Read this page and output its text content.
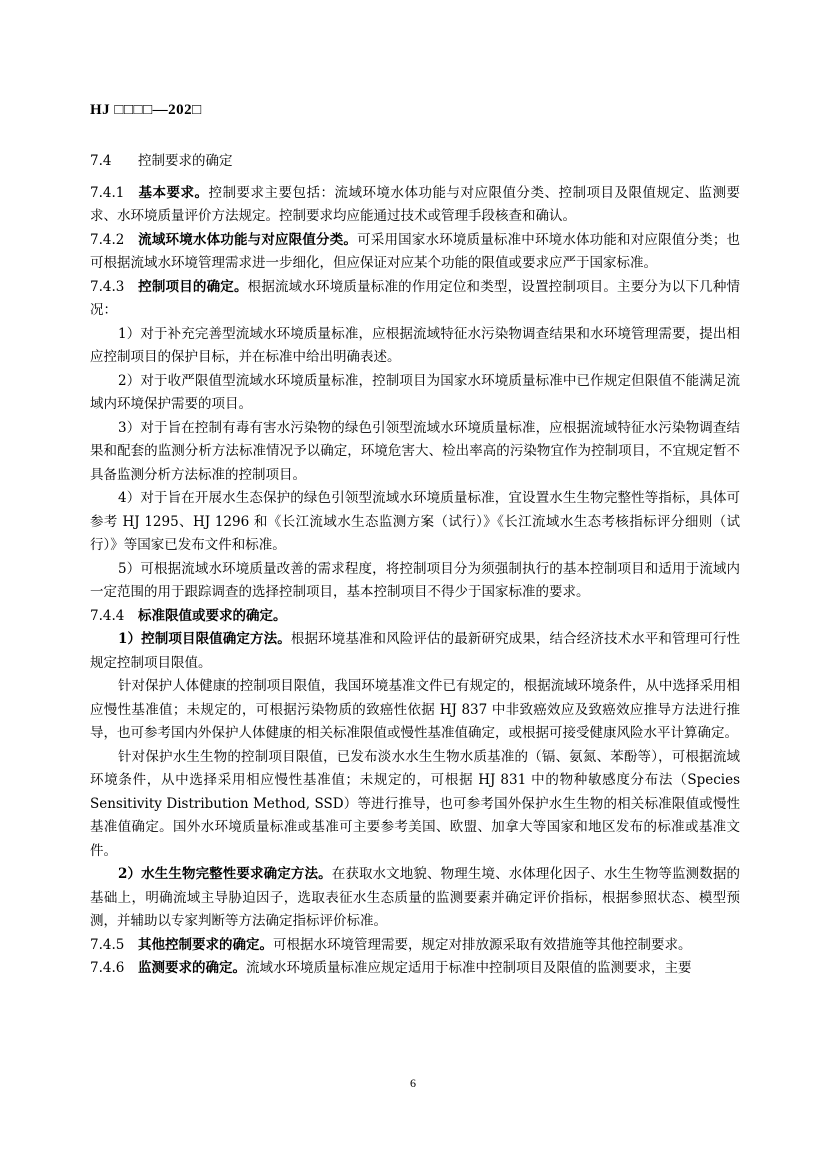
HJ □□□□—202□

7.4 控制要求的确定

7.4.1 基本要求。控制要求主要包括：流域环境水体功能与对应限值分类、控制项目及限值规定、监测要求、水环境质量评价方法规定。控制要求均应能通过技术或管理手段核查和确认。

7.4.2 流域环境水体功能与对应限值分类。可采用国家水环境质量标准中环境水体功能和对应限值分类；也可根据流域水环境管理需求进一步细化，但应保证对应某个功能的限值或要求应严于国家标准。

7.4.3 控制项目的确定。根据流域水环境质量标准的作用定位和类型，设置控制项目。主要分为以下几种情况：

1）对于补充完善型流域水环境质量标准，应根据流域特征水污染物调查结果和水环境管理需要，提出相应控制项目的保护目标，并在标准中给出明确表述。

2）对于收严限值型流域水环境质量标准，控制项目为国家水环境质量标准中已作规定但限值不能满足流域内环境保护需要的项目。

3）对于旨在控制有毒有害水污染物的绿色引领型流域水环境质量标准，应根据流域特征水污染物调查结果和配套的监测分析方法标准情况予以确定，环境危害大、检出率高的污染物宜作为控制项目，不宜规定暂不具备监测分析方法标准的控制项目。

4）对于旨在开展水生态保护的绿色引领型流域水环境质量标准，宜设置水生生物完整性等指标，具体可参考 HJ 1295、HJ 1296 和《长江流域水生态监测方案（试行）》《长江流域水生态考核指标评分细则（试行）》等国家已发布文件和标准。

5）可根据流域水环境质量改善的需求程度，将控制项目分为须强制执行的基本控制项目和适用于流域内一定范围的用于跟踪调查的选择控制项目，基本控制项目不得少于国家标准的要求。

7.4.4 标准限值或要求的确定。

1）控制项目限值确定方法。根据环境基准和风险评估的最新研究成果，结合经济技术水平和管理可行性规定控制项目限值。

针对保护人体健康的控制项目限值，我国环境基准文件已有规定的，根据流域环境条件，从中选择采用相应慢性基准值；未规定的，可根据污染物质的致癌性依据 HJ 837 中非致癌效应及致癌效应推导方法进行推导，也可参考国内外保护人体健康的相关标准限值或慢性基准值确定，或根据可接受健康风险水平计算确定。

针对保护水生生物的控制项目限值，已发布淡水水生生物水质基准的（镉、氨氮、苯酚等），可根据流域环境条件，从中选择采用相应慢性基准值；未规定的，可根据 HJ 831 中的物种敏感度分布法（Species Sensitivity Distribution Method, SSD）等进行推导，也可参考国外保护水生生物的相关标准限值或慢性基准值确定。国外水环境质量标准或基准可主要参考美国、欧盟、加拿大等国家和地区发布的标准或基准文件。

2）水生生物完整性要求确定方法。在获取水文地貌、物理生境、水体理化因子、水生生物等监测数据的基础上，明确流域主导胁迫因子，选取表征水生态质量的监测要素并确定评价指标，根据参照状态、模型预测，并辅助以专家判断等方法确定指标评价标准。

7.4.5 其他控制要求的确定。可根据水环境管理需要，规定对排放源采取有效措施等其他控制要求。

7.4.6 监测要求的确定。流域水环境质量标准应规定适用于标准中控制项目及限值的监测要求，主要

6
